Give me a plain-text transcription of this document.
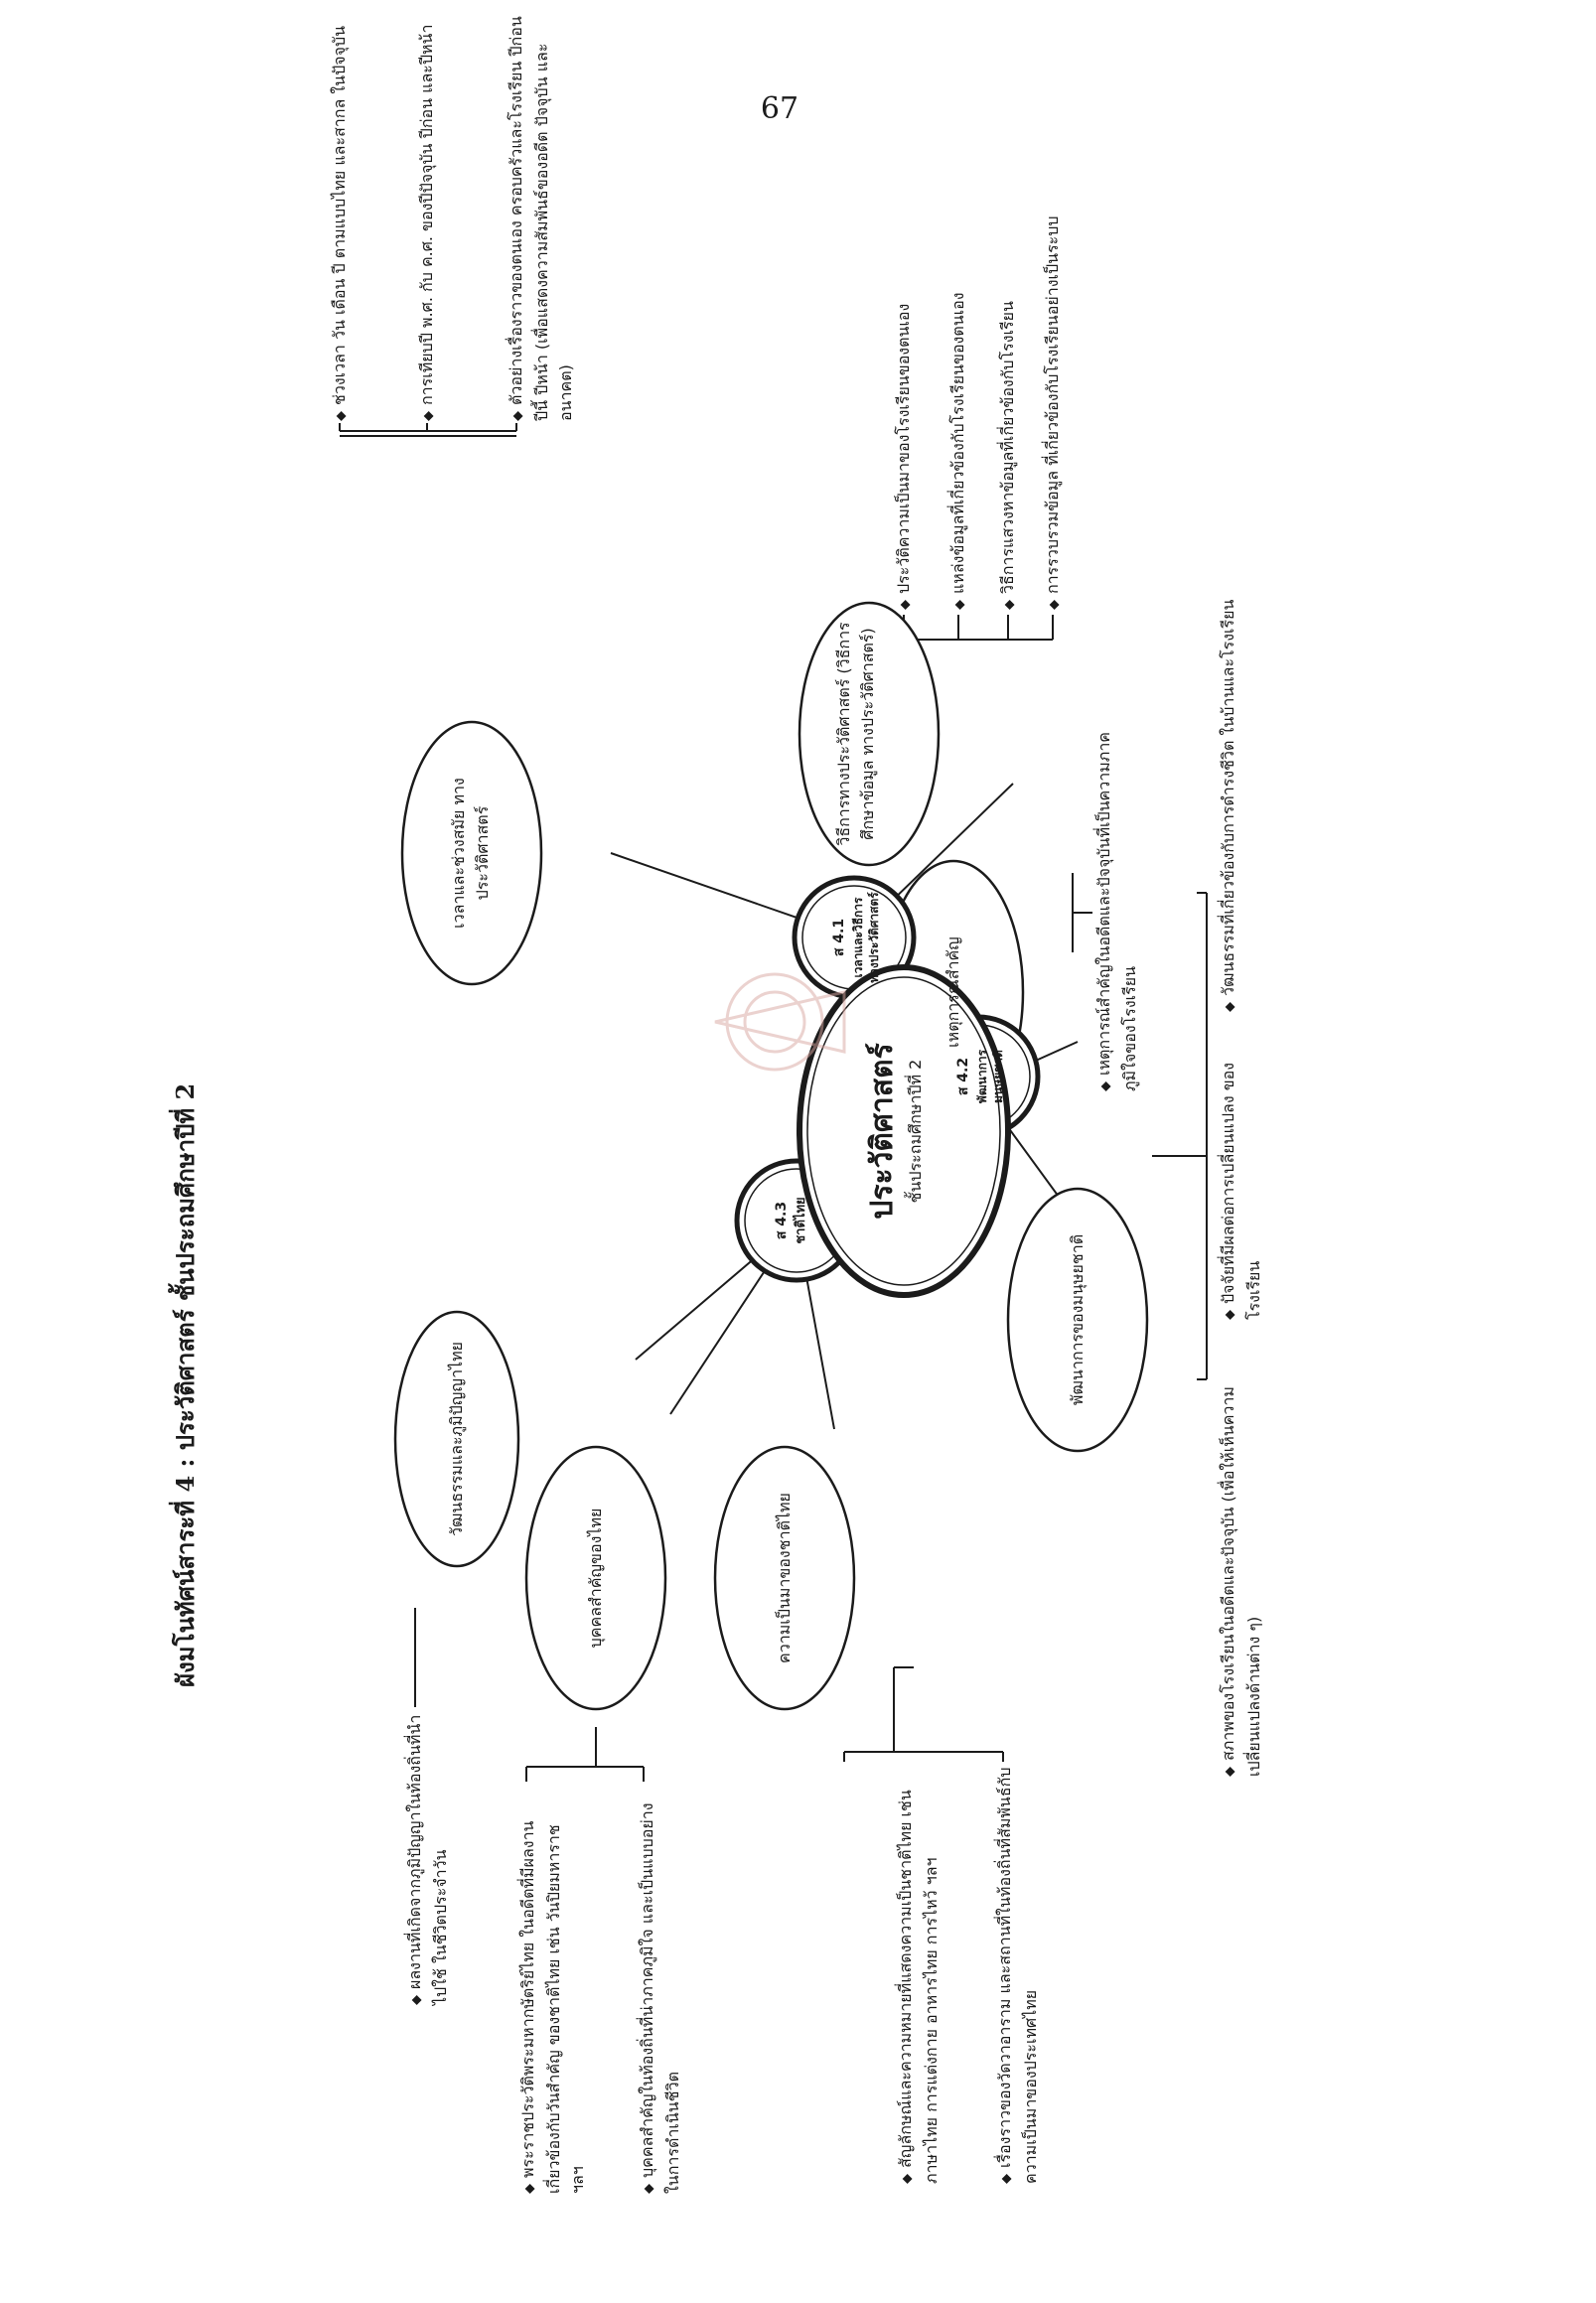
67
ผังมโนทัศน์สาระที่ 4 : ประวัติศาสตร์ ชั้นประถมศึกษาปีที่ 2	ประวัติศาสตร์ ชั้นประถมศึกษาปีที่ 2
ส 4.1 เวลาและวิธีการ ทางประวัติศาสตร์
ส 4.2 พัฒนาการ มนุษยชาติ
ส 4.3 ชาติไทย
เวลาและช่วงสมัย ทางประวัติศาสตร์
วิธีการทางประวัติศาสตร์ (วิธีการศึกษาข้อมูล ทางประวัติศาสตร์)
เหตุการณ์สำคัญ
พัฒนาการของมนุษยชาติ
วัฒนธรรมและภูมิปัญญาไทย
บุคคลสำคัญของไทย	ความเป็นมาของชาติไทย
◆ ช่วงเวลา วัน เดือน ปี ตามแบบไทย และสากล ในปัจจุบัน	◆ การเทียบปี พ.ศ. กับ ค.ศ. ของปีปัจจุบัน ปีก่อน และปีหน้า	◆ ตัวอย่างเรื่องราวของตนเอง ครอบครัวและโรงเรียน ปีก่อน ปีนี้ ปีหน้า (เพื่อแสดงความสัมพันธ์ของอดีต ปัจจุบัน และอนาคต)	◆ ประวัติความเป็นมาของโรงเรียนของตนเอง	◆ แหล่งข้อมูลที่เกี่ยวข้องกับโรงเรียนของตนเอง	◆ วิธีการแสวงหาข้อมูลที่เกี่ยวข้องกับโรงเรียน	◆ การรวบรวมข้อมูล ที่เกี่ยวข้องกับโรงเรียนอย่างเป็นระบบ
◆ เหตุการณ์สำคัญในอดีตและปัจจุบันที่เป็นความภาคภูมิใจของโรงเรียน
◆ สภาพของโรงเรียนในอดีตและปัจจุบัน (เพื่อให้เห็นความเปลี่ยนแปลงด้านต่าง ๆ)
◆ ปัจจัยที่มีผลต่อการเปลี่ยนแปลง ของโรงเรียน
◆ วัฒนธรรมที่เกี่ยวข้องกับการดำรงชีวิต ในบ้านและโรงเรียน
◆ ผลงานที่เกิดจากภูมิปัญญาในท้องถิ่นที่นำไปใช้ ในชีวิตประจำวัน	◆ พระราชประวัติพระมหากษัตริย์ไทย ในอดีตที่มีผลงานเกี่ยวข้องกับวันสำคัญ ของชาติไทย เช่น วันปิยมหาราช ฯลฯ
◆ บุคคลสำคัญในท้องถิ่นที่น่าภาคภูมิใจ และเป็นแบบอย่างในการดำเนินชีวิต	◆ สัญลักษณ์และความหมายที่แสดงความเป็นชาติไทย เช่น ภาษาไทย การแต่งกาย อาหารไทย การไหว้ ฯลฯ	◆ เรื่องราวของวัดวาอาราม และสถานที่ในท้องถิ่นที่สัมพันธ์กับความเป็นมาของประเทศไทย
